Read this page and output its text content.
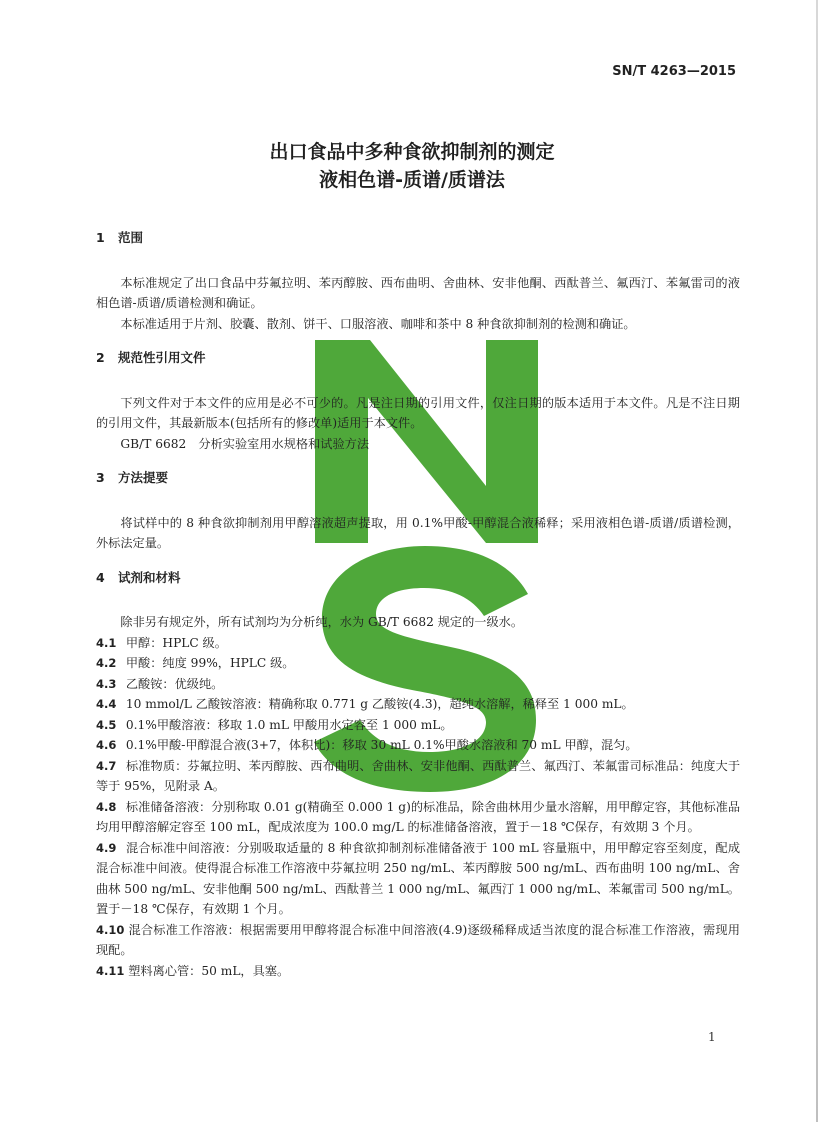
SN/T 4263—2015
出口食品中多种食欲抑制剂的测定
液相色谱-质谱/质谱法
1 范围

本标准规定了出口食品中芬氟拉明、苯丙醇胺、西布曲明、舍曲林、安非他酮、西酞普兰、氟西汀、苯氟雷司的液相色谱-质谱/质谱检测和确证。

本标准适用于片剂、胶囊、散剂、饼干、口服溶液、咖啡和茶中 8 种食欲抑制剂的检测和确证。

2 规范性引用文件

下列文件对于本文件的应用是必不可少的。凡是注日期的引用文件，仅注日期的版本适用于本文件。凡是不注日期的引用文件，其最新版本(包括所有的修改单)适用于本文件。

GB/T 6682　分析实验室用水规格和试验方法

3 方法提要

将试样中的 8 种食欲抑制剂用甲醇溶液超声提取，用 0.1%甲酸-甲醇混合液稀释；采用液相色谱-质谱/质谱检测，外标法定量。

4 试剂和材料

除非另有规定外，所有试剂均为分析纯，水为 GB/T 6682 规定的一级水。

4.1 甲醇：HPLC 级。

4.2 甲酸：纯度 99%，HPLC 级。

4.3 乙酸铵：优级纯。

4.4 10 mmol/L 乙酸铵溶液：精确称取 0.771 g 乙酸铵(4.3)，超纯水溶解，稀释至 1 000 mL。

4.5 0.1%甲酸溶液：移取 1.0 mL 甲酸用水定容至 1 000 mL。

4.6 0.1%甲酸-甲醇混合液(3+7，体积比)：移取 30 mL 0.1%甲酸水溶液和 70 mL 甲醇，混匀。

4.7 标准物质：芬氟拉明、苯丙醇胺、西布曲明、舍曲林、安非他酮、西酞普兰、氟西汀、苯氟雷司标准品：纯度大于等于 95%，见附录 A。

4.8 标准储备溶液：分别称取 0.01 g(精确至 0.000 1 g)的标准品，除舍曲林用少量水溶解，用甲醇定容，其他标准品均用甲醇溶解定容至 100 mL，配成浓度为 100.0 mg/L 的标准储备溶液，置于－18 ℃保存，有效期 3 个月。

4.9 混合标准中间溶液：分别吸取适量的 8 种食欲抑制剂标准储备液于 100 mL 容量瓶中，用甲醇定容至刻度，配成混合标准中间液。使得混合标准工作溶液中芬氟拉明 250 ng/mL、苯丙醇胺 500 ng/mL、西布曲明 100 ng/mL、舍曲林 500 ng/mL、安非他酮 500 ng/mL、西酞普兰 1 000 ng/mL、氟西汀 1 000 ng/mL、苯氟雷司 500 ng/mL。置于－18 ℃保存，有效期 1 个月。

4.10 混合标准工作溶液：根据需要用甲醇将混合标准中间溶液(4.9)逐级稀释成适当浓度的混合标准工作溶液，需现用现配。

4.11 塑料离心管：50 mL，具塞。

1
